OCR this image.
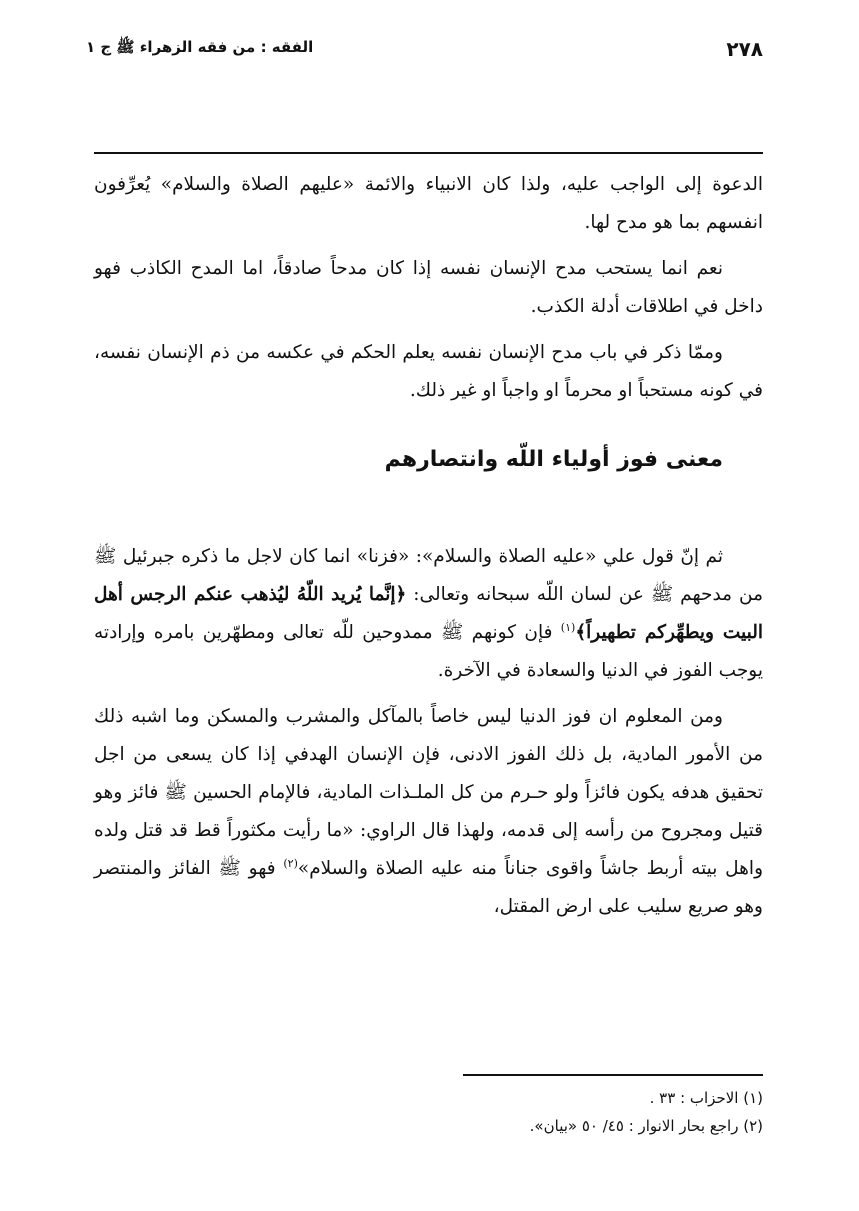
٢٧٨
الفقه : من فقه الزهراء ﷺ ج ١

الدعوة إلى الواجب عليه، ولذا كان الانبياء والائمة «عليهم الصلاة والسلام» يُعرِّفون انفسهم بما هو مدح لها.

نعم انما يستحب مدح الإنسان نفسه إذا كان مدحاً صادقاً، اما المدح الكاذب فهو داخل في اطلاقات أدلة الكذب.

وممّا ذكر في باب مدح الإنسان نفسه يعلم الحكم في عكسه من ذم الإنسان نفسه، في كونه مستحباً او محرماً او واجباً او غير ذلك.

معنى فوز أولياء اللّه وانتصارهم

ثم إنّ قول علي «عليه الصلاة والسلام»: «فزنا» انما كان لاجل ما ذكره جبرئيل ﷺ من مدحهم ﷺ عن لسان اللّه سبحانه وتعالى: ﴿إنَّما يُريد اللّهُ ليُذهب عنكم الرجس أهل البيت ويطهِّركم تطهيراً﴾$^{(١)}$ فإن كونهم ﷺ ممدوحين للّه تعالى ومطهّرين بامره وإرادته يوجب الفوز في الدنيا والسعادة في الآخرة.

ومن المعلوم ان فوز الدنيا ليس خاصاً بالمآكل والمشرب والمسكن وما اشبه ذلك من الأمور المادية، بل ذلك الفوز الادنى، فإن الإنسان الهدفي إذا كان يسعى من اجل تحقيق هدفه يكون فائزاً ولو حـرم من كل الملـذات المادية، فالإمام الحسين ﷺ فائز وهو قتيل ومجروح من رأسه إلى قدمه، ولهذا قال الراوي: «ما رأيت مكثوراً قط قد قتل ولده واهل بيته أربط جاشاً واقوى جناناً منه عليه الصلاة والسلام»$^{(٢)}$ فهو ﷺ الفائز والمنتصر وهو صريع سليب على ارض المقتل،

(١) الاحزاب : ٣٣ .

(٢) راجع بحار الانوار : ٤٥/ ٥٠ «بيان».
